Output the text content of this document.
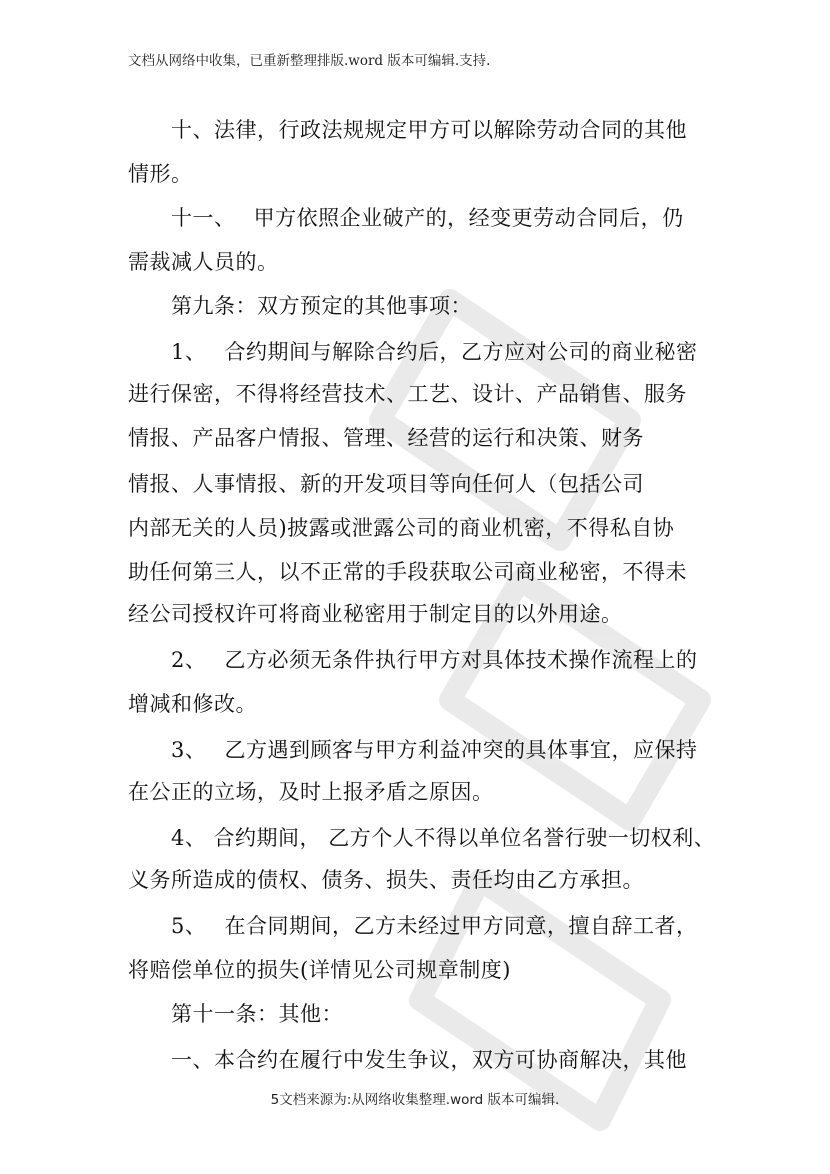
文档从网络中收集，已重新整理排版.word 版本可编辑.支持.
　　十、法律，行政法规规定甲方可以解除劳动合同的其他
情形。
　　十一、　 甲方依照企业破产的，经变更劳动合同后，仍
需裁减人员的。
　　第九条：双方预定的其他事项：
　　1、　 合约期间与解除合约后，乙方应对公司的商业秘密
进行保密，不得将经营技术、工艺、设计、产品销售、服务
情报、产品客户情报、管理、经营的运行和决策、财务
情报、人事情报、新的开发项目等向任何人（包括公司
内部无关的人员)披露或泄露公司的商业机密，不得私自协
助任何第三人，以不正常的手段获取公司商业秘密，不得未
经公司授权许可将商业秘密用于制定目的以外用途。
　　2、　 乙方必须无条件执行甲方对具体技术操作流程上的
增减和修改。
　　3、　 乙方遇到顾客与甲方利益冲突的具体事宜，应保持
在公正的立场，及时上报矛盾之原因。
　　4、 合约期间， 乙方个人不得以单位名誉行驶一切权利、
义务所造成的债权、债务、损失、责任均由乙方承担。
　　5、　 在合同期间，乙方未经过甲方同意，擅自辞工者，
将赔偿单位的损失(详情见公司规章制度)
　　第十一条：其他：
　　一、本合约在履行中发生争议，双方可协商解决，其他
5文档来源为:从网络收集整理.word 版本可编辑.
